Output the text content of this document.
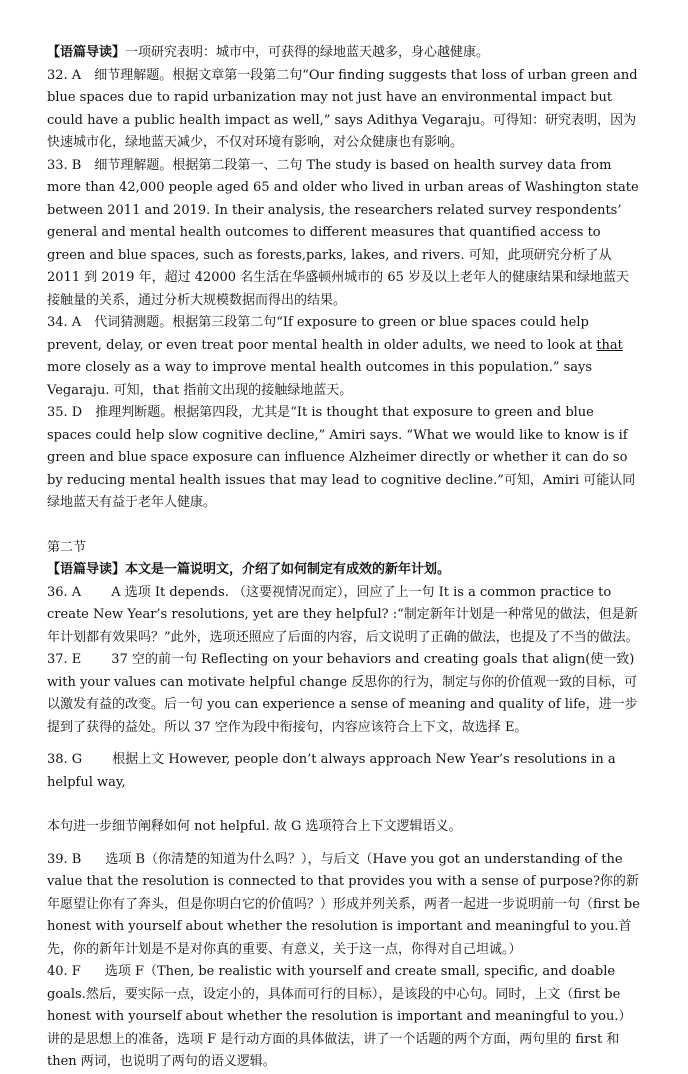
【语篇导读】一项研究表明：城市中，可获得的绿地蓝天越多，身心越健康。

32. A　细节理解题。根据文章第一段第二句“Our finding suggests that loss of urban green and blue spaces due to rapid urbanization may not just have an environmental impact but could have a public health impact as well,” says Adithya Vegaraju。可得知：研究表明，因为快速城市化，绿地蓝天减少，不仅对环境有影响，对公众健康也有影响。

33. B　细节理解题。根据第二段第一、二句 The study is based on health survey data from more than 42,000 people aged 65 and older who lived in urban areas of Washington state between 2011 and 2019. In their analysis, the researchers related survey respondents’ general and mental health outcomes to different measures that quantified access to green and blue spaces, such as forests,parks, lakes, and rivers. 可知，此项研究分析了从 2011 到 2019 年，超过 42000 名生活在华盛顿州城市的 65 岁及以上老年人的健康结果和绿地蓝天接触量的关系，通过分析大规模数据而得出的结果。

34. A　代词猜测题。根据第三段第二句“If exposure to green or blue spaces could help prevent, delay, or even treat poor mental health in older adults, we need to look at that more closely as a way to improve mental health outcomes in this population.” says Vegaraju. 可知，that 指前文出现的接触绿地蓝天。

35. D　推理判断题。根据第四段，尤其是“It is thought that exposure to green and blue spaces could help slow cognitive decline,” Amiri says. “What we would like to know is if green and blue space exposure can influence Alzheimer directly or whether it can do so by reducing mental health issues that may lead to cognitive decline.”可知，Amiri 可能认同绿地蓝天有益于老年人健康。

第二节

【语篇导读】本文是一篇说明文，介绍了如何制定有成效的新年计划。

36. A A 选项 It depends. （这要视情况而定），回应了上一句 It is a common practice to create New Year’s resolutions, yet are they helpful? :“制定新年计划是一种常见的做法，但是新年计划都有效果吗？”此外，选项还照应了后面的内容，后文说明了正确的做法，也提及了不当的做法。

37. E 37 空的前一句 Reflecting on your behaviors and creating goals that align(使一致) with your values can motivate helpful change 反思你的行为，制定与你的价值观一致的目标，可以激发有益的改变。后一句 you can experience a sense of meaning and quality of life，进一步提到了获得的益处。所以 37 空作为段中衔接句，内容应该符合上下文，故选择 E。

38. G 根据上文 However, people don’t always approach New Year’s resolutions in a helpful way,

本句进一步细节阐释如何 not helpful. 故 G 选项符合上下文逻辑语义。

39. B 选项 B（你清楚的知道为什么吗？），与后文（Have you got an understanding of the value that the resolution is connected to that provides you with a sense of purpose?你的新年愿望让你有了奔头，但是你明白它的价值吗？）形成并列关系，两者一起进一步说明前一句（first be honest with yourself about whether the resolution is important and meaningful to you.首先，你的新年计划是不是对你真的重要、有意义，关于这一点，你得对自己坦诚。）

40. F 选项 F（Then, be realistic with yourself and create small, specific, and doable goals.然后，要实际一点，设定小的，具体而可行的目标），是该段的中心句。同时，上文（first be honest with yourself about whether the resolution is important and meaningful to you.）讲的是思想上的准备，选项 F 是行动方面的具体做法，讲了一个话题的两个方面，两句里的 first 和 then 两词，也说明了两句的语义逻辑。
